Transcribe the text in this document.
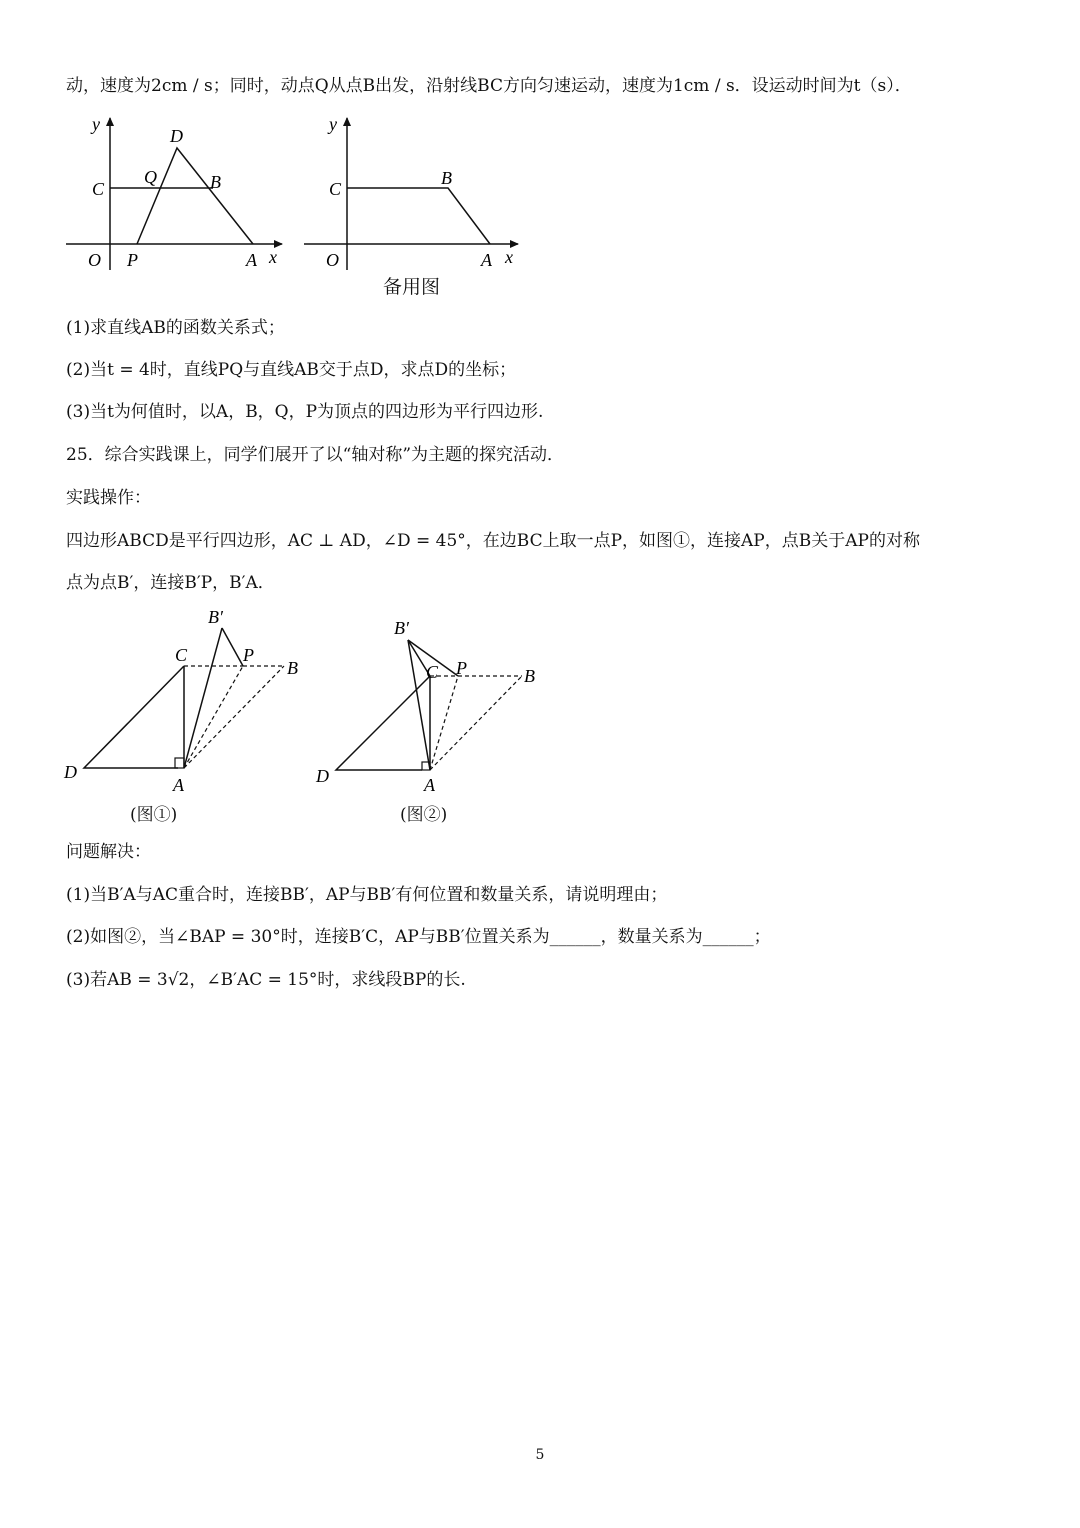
动，速度为2cm / s；同时，动点Q从点B出发，沿射线BC方向匀速运动，速度为1cm / s．设运动时间为t（s）．
y
D
Q
C	B
O P	A x
y
C
B
O	A x
备用图
(1)求直线AB的函数关系式；
(2)当t = 4时，直线PQ与直线AB交于点D，求点D的坐标；
(3)当t为何值时，以A，B，Q，P为顶点的四边形为平行四边形.
25．综合实践课上，同学们展开了以“轴对称”为主题的探究活动．
实践操作：
四边形ABCD是平行四边形，AC ⊥ AD，∠D = 45°，在边BC上取一点P，如图①，连接AP，点B关于AP的对称
点为点B′，连接B′P，B′A．
B′
C	P
B
D
A
(图①)
B′
C P	B
D	A
(图②)
问题解决：
(1)当B′A与AC重合时，连接BB′，AP与BB′有何位置和数量关系，请说明理由；
(2)如图②，当∠BAP = 30°时，连接B′C，AP与BB′位置关系为______，数量关系为______；
(3)若AB = 3√2，∠B′AC = 15°时，求线段BP的长.
5
